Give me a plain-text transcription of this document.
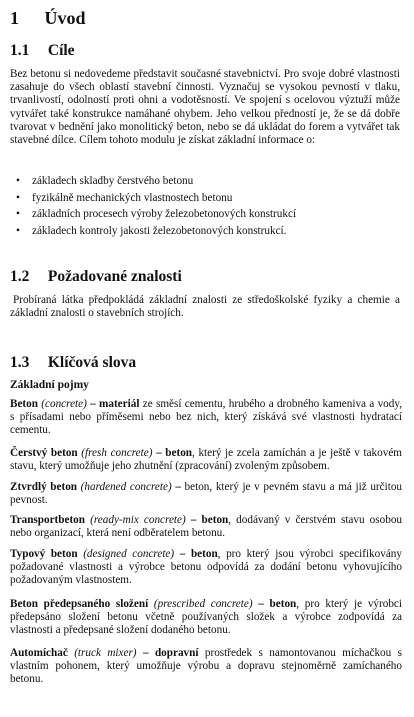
1 Úvod
1.1 Cíle
Bez betonu si nedovedeme představit současné stavebnictví. Pro svoje dobré vlastnosti zasahuje do všech oblastí stavební činnosti. Vyznačuj se vysokou pevností v tlaku, trvanlivostí, odolností proti ohni a vodotěsností. Ve spojení s ocelovou výztuží může vytvářet také konstrukce namáhané ohybem. Jeho velkou předností je, že se dá dobře tvarovat v bednění jako monolitický beton, nebo se dá ukládat do forem a vytvářet tak stavebné dílce. Cílem tohoto modulu je získat základní informace o:
• základech skladby čerstvého betonu
• fyzikálně mechanických vlastnostech betonu
• základních procesech výroby železobetonových konstrukcí
• základech kontroly jakosti železobetonových konstrukcí.
1.2 Požadované znalosti
Probíraná látka předpokládá základní znalosti ze středoškolské fyziky a chemie a základní znalosti o stavebních strojích.
1.3 Klíčová slova
Základní pojmy
Beton (concrete) – materiál ze směsí cementu, hrubého a drobného kameniva a vody, s přísadami nebo příměsemi nebo bez nich, který získává své vlastnosti hydratací cementu.
Čerstvý beton (fresh concrete) – beton, který je zcela zamíchán a je ještě v takovém stavu, který umožňuje jeho zhutnění (zpracování) zvoleným způsobem.
Ztvrdlý beton (hardened concrete) – beton, který je v pevném stavu a má již určitou pevnost.
Transportbeton (ready-mix concrete) – beton, dodávaný v čerstvém stavu osobou nebo organizací, která není odběratelem betonu.
Typový beton (designed concrete) – beton, pro který jsou výrobci specifikovány požadované vlastnosti a výrobce betonu odpovídá za dodání betonu vyhovujícího požadovaným vlastnostem.
Beton předepsaného složení (prescribed concrete) – beton, pro který je výrobci předepsáno složení betonu včetně používaných složek a výrobce zodpovídá za vlastnosti a předepsané složení dodaného betonu.
Automíchač (truck mixer) – dopravní prostředek s namontovanou míchačkou s vlastním pohonem, který umožňuje výrobu a dopravu stejnoměrně zamíchaného betonu.
